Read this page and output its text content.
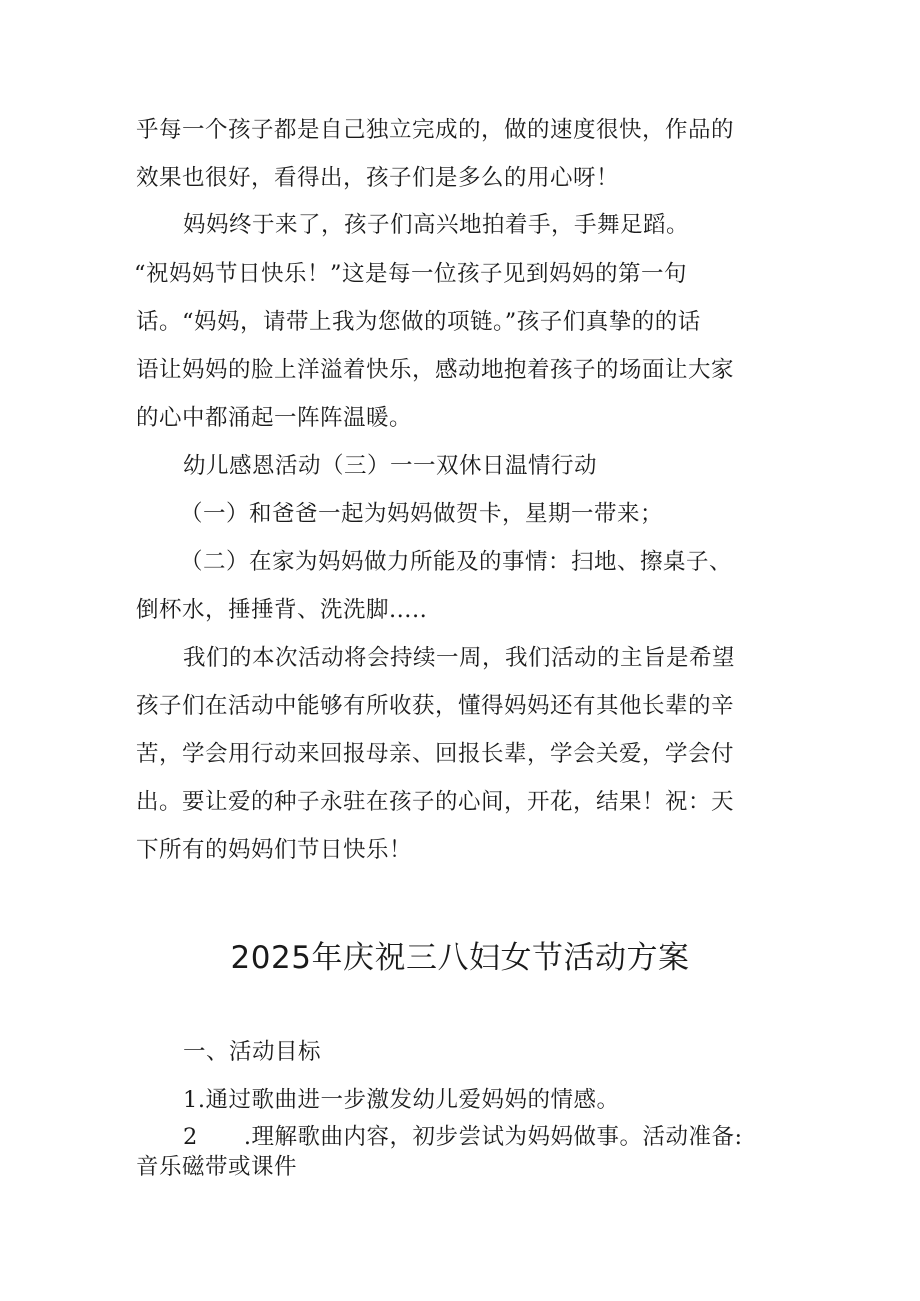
乎每一个孩子都是自己独立完成的，做的速度很快，作品的
效果也很好，看得出，孩子们是多么的用心呀！
妈妈终于来了，孩子们高兴地拍着手，手舞足蹈。
“祝妈妈节日快乐！”这是每一位孩子见到妈妈的第一句
话。“妈妈，请带上我为您做的项链。”孩子们真挚的的话
语让妈妈的脸上洋溢着快乐，感动地抱着孩子的场面让大家
的心中都涌起一阵阵温暖。
幼儿感恩活动（三）一一双休日温情行动
（一）和爸爸一起为妈妈做贺卡，星期一带来；
（二）在家为妈妈做力所能及的事情：扫地、擦桌子、
倒杯水，捶捶背、洗洗脚.....
我们的本次活动将会持续一周，我们活动的主旨是希望
孩子们在活动中能够有所收获，懂得妈妈还有其他长辈的辛
苦，学会用行动来回报母亲、回报长辈，学会关爱，学会付
出。要让爱的种子永驻在孩子的心间，开花，结果！祝：天
下所有的妈妈们节日快乐！
2025年庆祝三八妇女节活动方案
一、活动目标
1.通过歌曲进一步激发幼儿爱妈妈的情感。
2　　.理解歌曲内容，初步尝试为妈妈做事。活动准备:
音乐磁带或课件
